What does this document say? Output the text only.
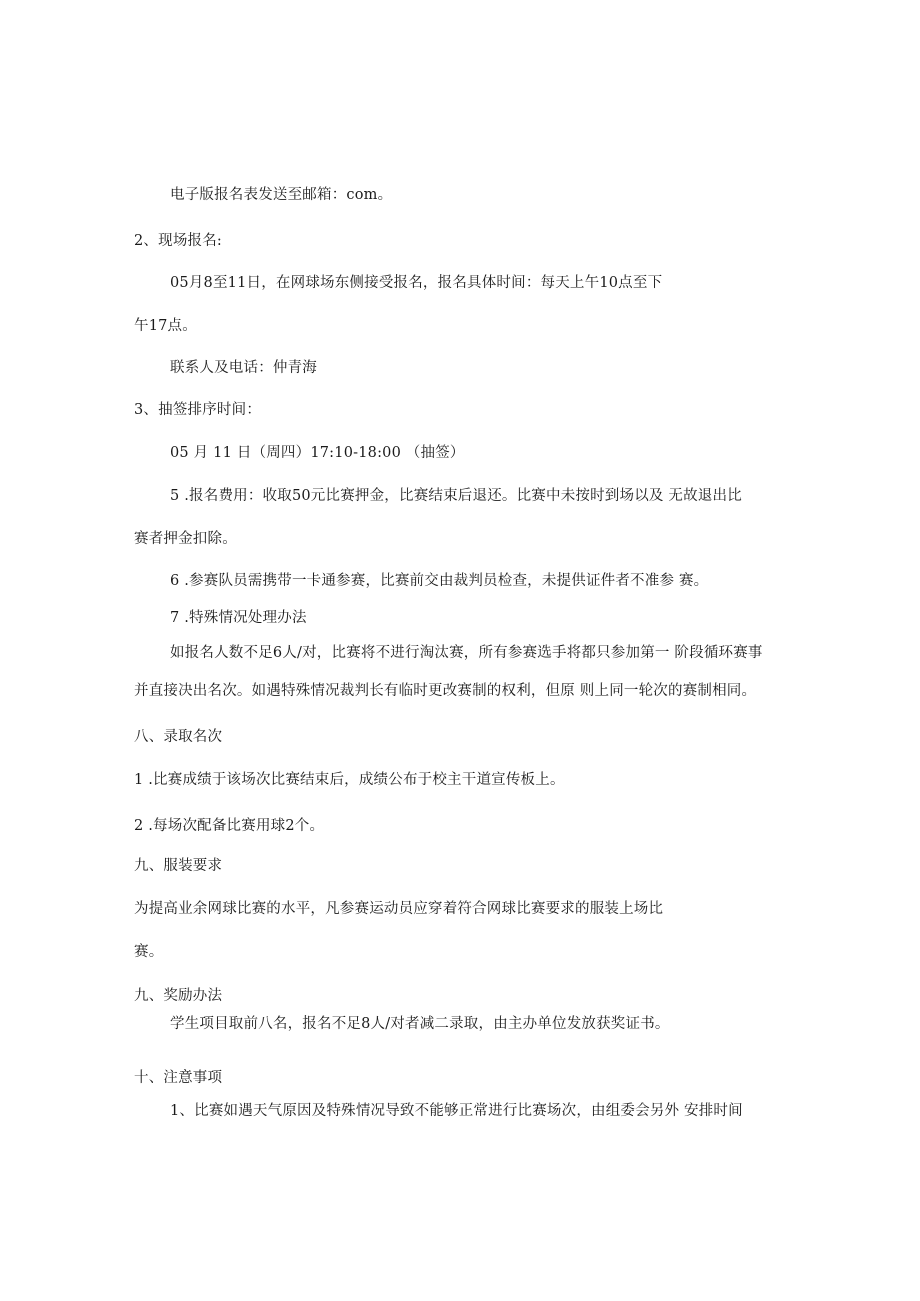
电子版报名表发送至邮箱：com。

2、现场报名:

05月8至11日，在网球场东侧接受报名，报名具体时间：每天上午10点至下

午17点。

联系人及电话：仲青海

3、抽签排序时间：

05 月 11 日（周四）17:10-18:00 （抽签）

5 .报名费用：收取50元比赛押金，比赛结束后退还。比赛中未按时到场以及 无故退出比

赛者押金扣除。

6 .参赛队员需携带一卡通参赛，比赛前交由裁判员检查，未提供证件者不准参 赛。

7 .特殊情况处理办法

如报名人数不足6人/对，比赛将不进行淘汰赛，所有参赛选手将都只参加第一 阶段循环赛事

并直接决出名次。如遇特殊情况裁判长有临时更改赛制的权利，但原 则上同一轮次的赛制相同。

八、录取名次

1 .比赛成绩于该场次比赛结束后，成绩公布于校主干道宣传板上。

2 .每场次配备比赛用球2个。

九、服装要求

为提高业余网球比赛的水平，凡参赛运动员应穿着符合网球比赛要求的服装上场比

赛。

九、奖励办法

学生项目取前八名，报名不足8人/对者减二录取，由主办单位发放获奖证书。

十、注意事项

1、比赛如遇天气原因及特殊情况导致不能够正常进行比赛场次，由组委会另外 安排时间
